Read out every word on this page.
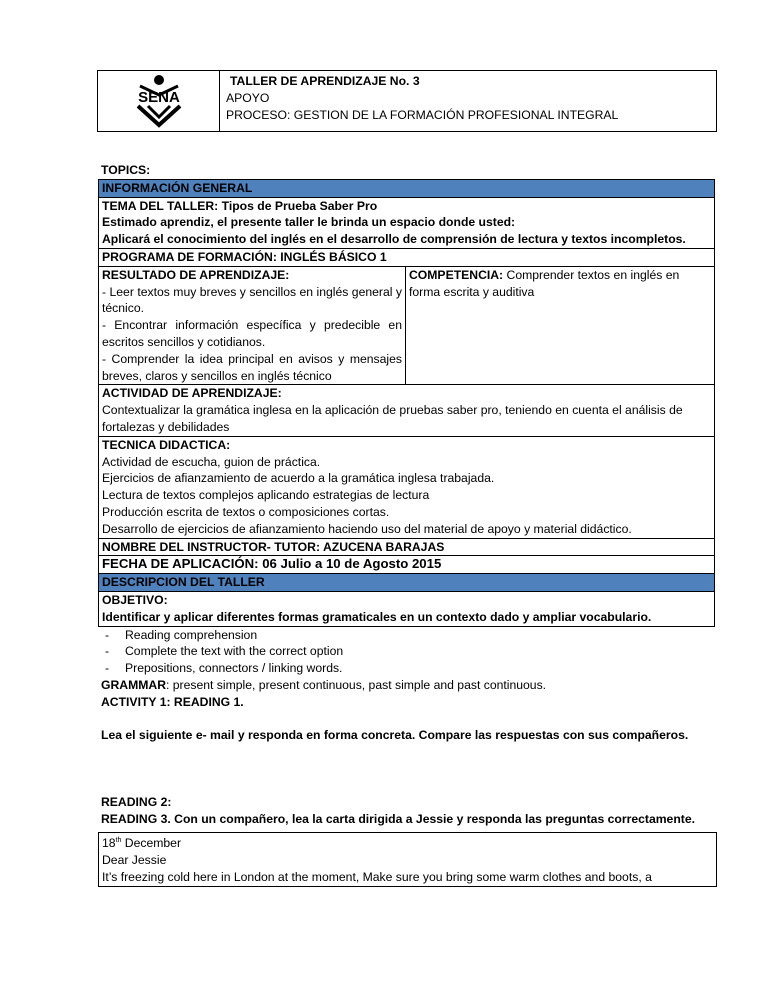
SENA
TALLER DE APRENDIZAJE No. 3
APOYO
PROCESO: GESTION DE LA FORMACIÓN PROFESIONAL INTEGRAL
TOPICS:
INFORMACIÓN GENERAL

TEMA DEL TALLER: Tipos de Prueba Saber Pro
Estimado aprendiz, el presente taller le brinda un espacio donde usted:
Aplicará el conocimiento del inglés en el desarrollo de comprensión de lectura y textos incompletos.

PROGRAMA DE FORMACIÓN: INGLÉS BÁSICO 1

RESULTADO DE APRENDIZAJE:
- Leer textos muy breves y sencillos en inglés general y técnico.
- Encontrar información específica y predecible en escritos sencillos y cotidianos.
- Comprender la idea principal en avisos y mensajes breves, claros y sencillos en inglés técnico
	COMPETENCIA: Comprender textos en inglés en forma escrita y auditiva

ACTIVIDAD DE APRENDIZAJE:
Contextualizar la gramática inglesa en la aplicación de pruebas saber pro, teniendo en cuenta el análisis de fortalezas y debilidades

TECNICA DIDACTICA:
Actividad de escucha, guion de práctica.
Ejercicios de afianzamiento de acuerdo a la gramática inglesa trabajada.
Lectura de textos complejos aplicando estrategias de lectura
Producción escrita de textos o composiciones cortas.
Desarrollo de ejercicios de afianzamiento haciendo uso del material de apoyo y material didáctico.

NOMBRE DEL INSTRUCTOR- TUTOR: AZUCENA BARAJAS
FECHA DE APLICACIÓN: 06 Julio a 10 de Agosto 2015
DESCRIPCION DEL TALLER

OBJETIVO:
Identificar y aplicar diferentes formas gramaticales en un contexto dado y ampliar vocabulario.
- Reading comprehension
- Complete the text with the correct option
- Prepositions, connectors / linking words.
GRAMMAR: present simple, present continuous, past simple and past continuous.
ACTIVITY 1: READING 1.
Lea el siguiente e- mail y responda en forma concreta. Compare las respuestas con sus compañeros.
READING 2:
READING 3. Con un compañero, lea la carta dirigida a Jessie y responda las preguntas correctamente.
18th December
Dear Jessie
It’s freezing cold here in London at the moment, Make sure you bring some warm clothes and boots, a
